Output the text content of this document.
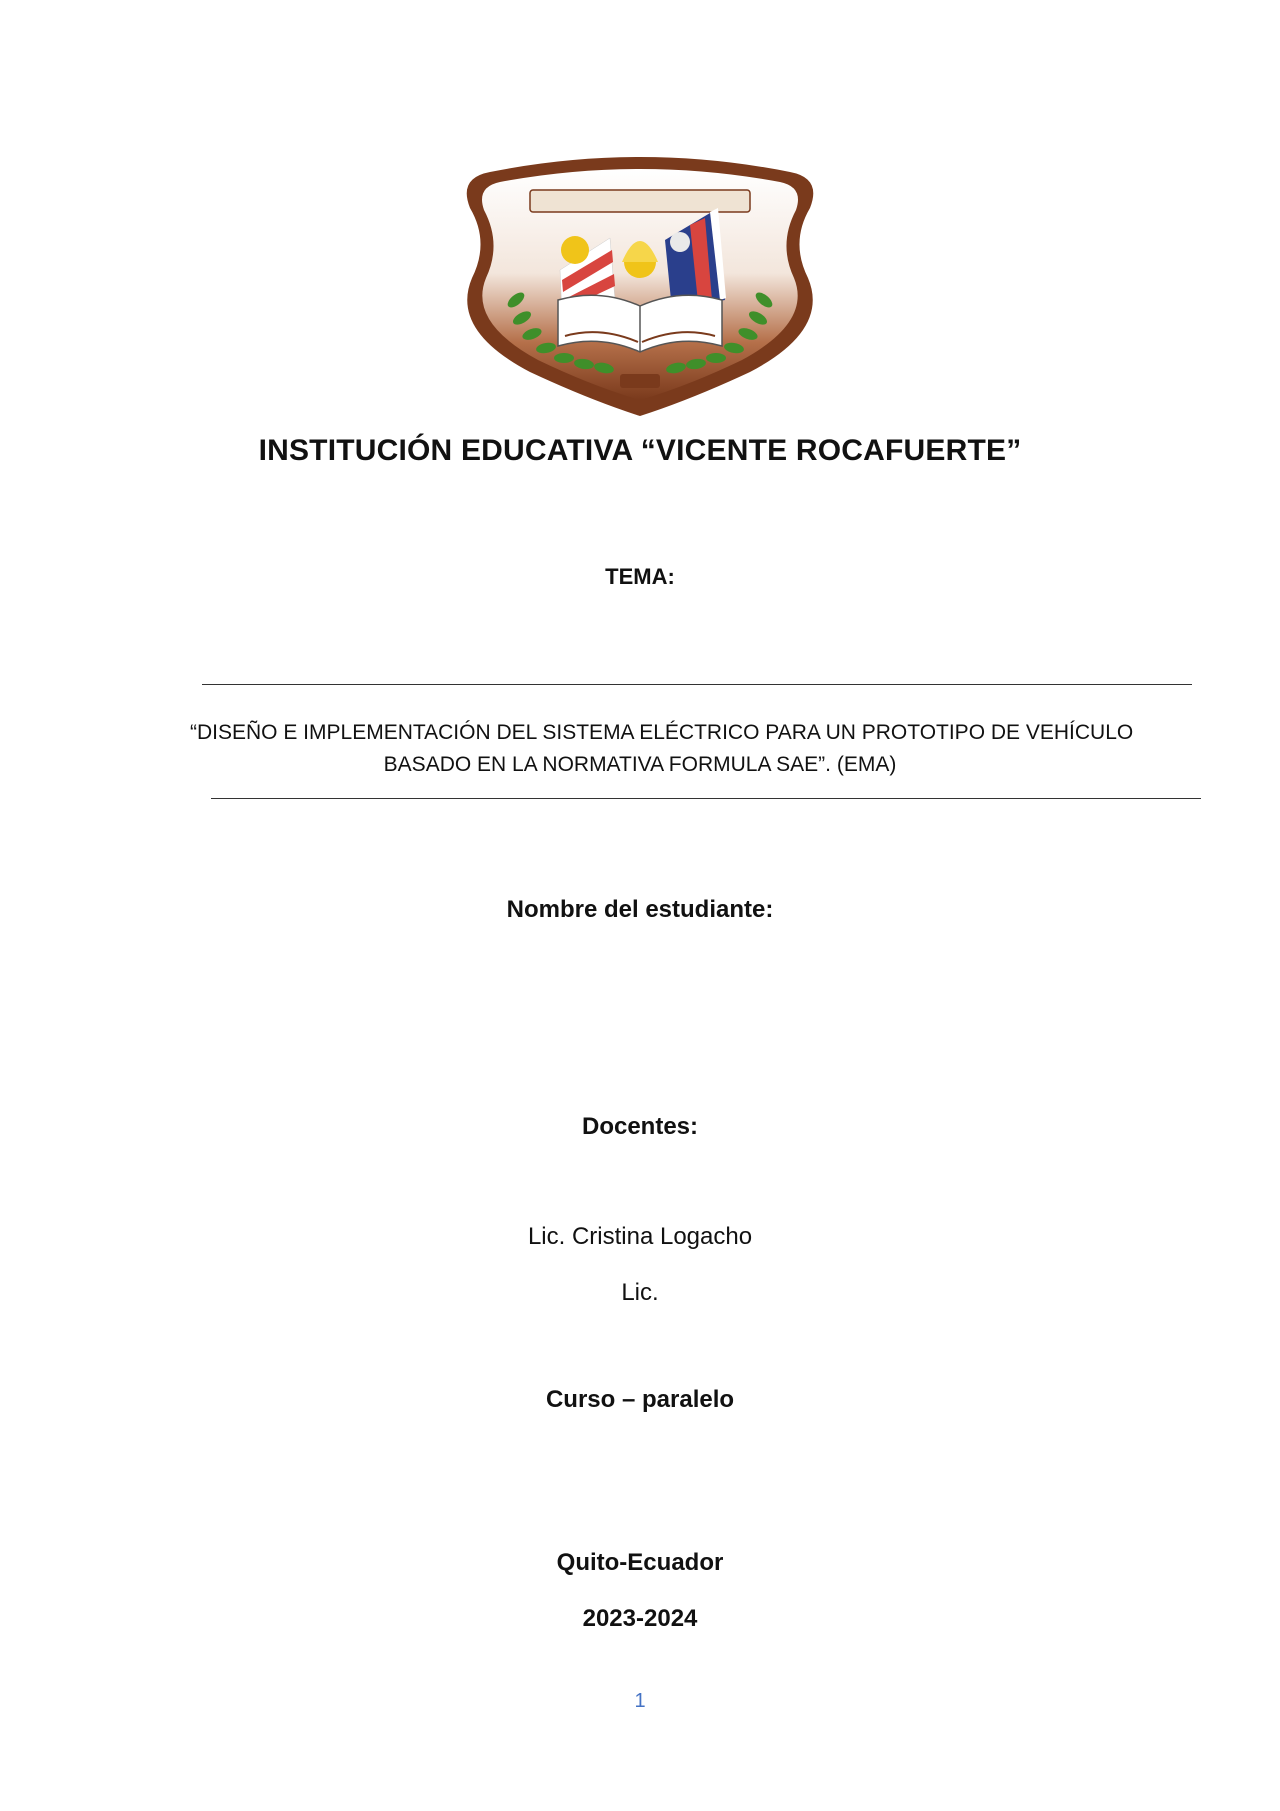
INSTITUCIÓN EDUCATIVA “VICENTE ROCAFUERTE”
TEMA:
“DISEÑO E IMPLEMENTACIÓN DEL SISTEMA ELÉCTRICO PARA UN PROTOTIPO DE VEHÍCULO
BASADO EN LA NORMATIVA FORMULA SAE”. (EMA)
Nombre del estudiante:
Docentes:
Lic. Cristina Logacho
Lic.
Curso – paralelo
Quito-Ecuador
2023-2024
1
